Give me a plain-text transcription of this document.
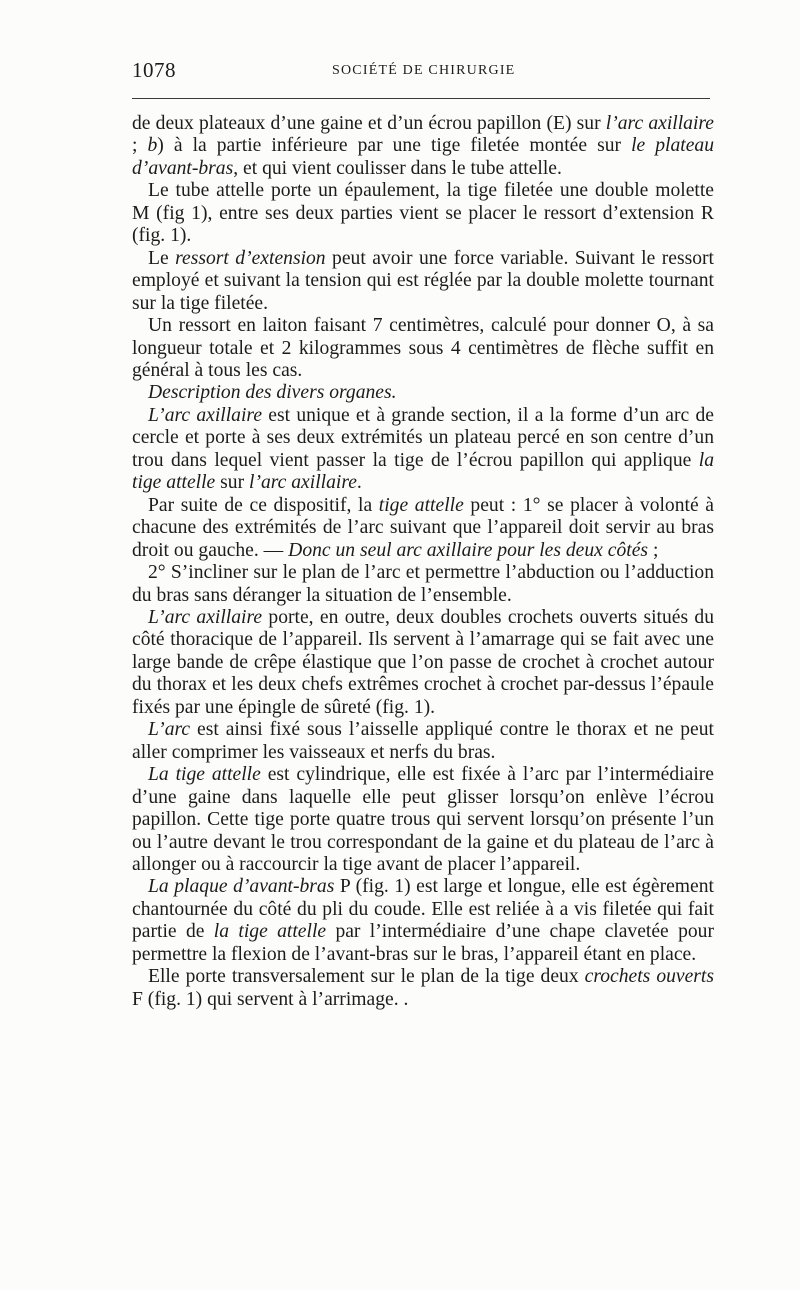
1078	SOCIÉTÉ DE CHIRURGIE

de deux plateaux d’une gaine et d’un écrou papillon (E) sur l’arc axillaire ; b) à la partie inférieure par une tige filetée montée sur le plateau d’avant-bras, et qui vient coulisser dans le tube attelle.

Le tube attelle porte un épaulement, la tige filetée une double molette M (fig 1), entre ses deux parties vient se placer le ressort d’extension R (fig. 1).

Le ressort d’extension peut avoir une force variable. Suivant le ressort employé et suivant la tension qui est réglée par la double molette tournant sur la tige filetée.

Un ressort en laiton faisant 7 centimètres, calculé pour donner O, à sa longueur totale et 2 kilogrammes sous 4 centimètres de flèche suffit en général à tous les cas.

Description des divers organes.

L’arc axillaire est unique et à grande section, il a la forme d’un arc de cercle et porte à ses deux extrémités un plateau percé en son centre d’un trou dans lequel vient passer la tige de l’écrou papillon qui applique la tige attelle sur l’arc axillaire.

Par suite de ce dispositif, la tige attelle peut : 1° se placer à volonté à chacune des extrémités de l’arc suivant que l’appareil doit servir au bras droit ou gauche. — Donc un seul arc axillaire pour les deux côtés ;

2° S’incliner sur le plan de l’arc et permettre l’abduction ou l’adduction du bras sans déranger la situation de l’ensemble.

L’arc axillaire porte, en outre, deux doubles crochets ouverts situés du côté thoracique de l’appareil. Ils servent à l’amarrage qui se fait avec une large bande de crêpe élastique que l’on passe de crochet à crochet autour du thorax et les deux chefs extrêmes crochet à crochet par-dessus l’épaule fixés par une épingle de sûreté (fig. 1).

L’arc est ainsi fixé sous l’aisselle appliqué contre le thorax et ne peut aller comprimer les vaisseaux et nerfs du bras.

La tige attelle est cylindrique, elle est fixée à l’arc par l’intermédiaire d’une gaine dans laquelle elle peut glisser lorsqu’on enlève l’écrou papillon. Cette tige porte quatre trous qui servent lorsqu’on présente l’un ou l’autre devant le trou correspondant de la gaine et du plateau de l’arc à allonger ou à raccourcir la tige avant de placer l’appareil.

La plaque d’avant-bras P (fig. 1) est large et longue, elle est égèrement chantournée du côté du pli du coude. Elle est reliée à a vis filetée qui fait partie de la tige attelle par l’intermédiaire d’une chape clavetée pour permettre la flexion de l’avant-bras sur le bras, l’appareil étant en place.

Elle porte transversalement sur le plan de la tige deux crochets ouverts F (fig. 1) qui servent à l’arrimage. .
